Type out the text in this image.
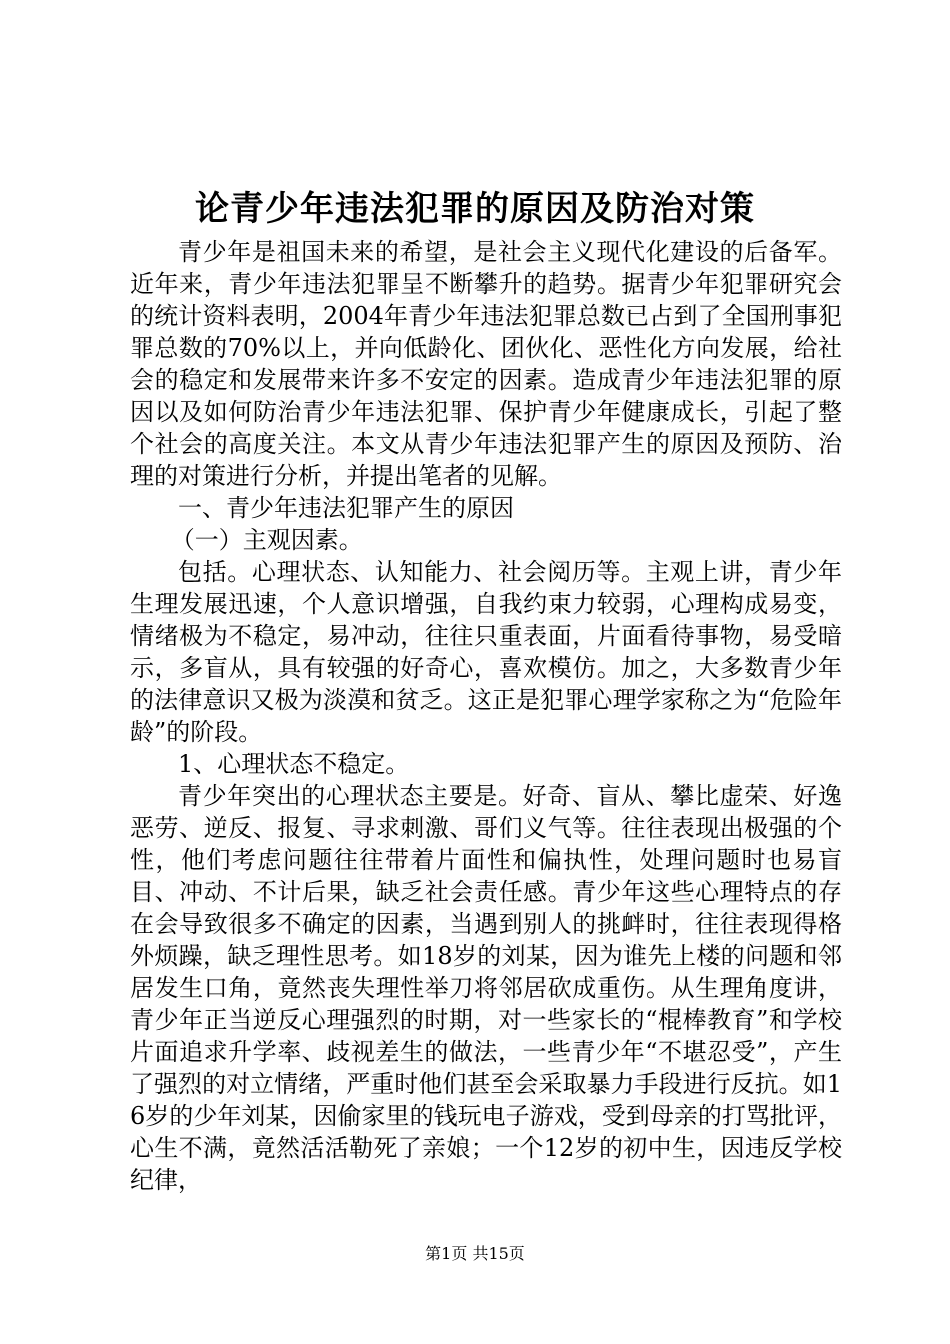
论青少年违法犯罪的原因及防治对策

青少年是祖国未来的希望，是社会主义现代化建设的后备军。近年来，青少年违法犯罪呈不断攀升的趋势。据青少年犯罪研究会的统计资料表明，2004年青少年违法犯罪总数已占到了全国刑事犯罪总数的70%以上，并向低龄化、团伙化、恶性化方向发展，给社会的稳定和发展带来许多不安定的因素。造成青少年违法犯罪的原因以及如何防治青少年违法犯罪、保护青少年健康成长，引起了整个社会的高度关注。本文从青少年违法犯罪产生的原因及预防、治理的对策进行分析，并提出笔者的见解。

一、青少年违法犯罪产生的原因

（一）主观因素。

包括。心理状态、认知能力、社会阅历等。主观上讲，青少年生理发展迅速，个人意识增强，自我约束力较弱，心理构成易变，情绪极为不稳定，易冲动，往往只重表面，片面看待事物，易受暗示，多盲从，具有较强的好奇心，喜欢模仿。加之，大多数青少年的法律意识又极为淡漠和贫乏。这正是犯罪心理学家称之为“危险年龄”的阶段。

1、心理状态不稳定。

青少年突出的心理状态主要是。好奇、盲从、攀比虚荣、好逸恶劳、逆反、报复、寻求刺激、哥们义气等。往往表现出极强的个性，他们考虑问题往往带着片面性和偏执性，处理问题时也易盲目、冲动、不计后果，缺乏社会责任感。青少年这些心理特点的存在会导致很多不确定的因素，当遇到别人的挑衅时，往往表现得格外烦躁，缺乏理性思考。如18岁的刘某，因为谁先上楼的问题和邻居发生口角，竟然丧失理性举刀将邻居砍成重伤。从生理角度讲，青少年正当逆反心理强烈的时期，对一些家长的“棍棒教育”和学校片面追求升学率、歧视差生的做法，一些青少年“不堪忍受”，产生了强烈的对立情绪，严重时他们甚至会采取暴力手段进行反抗。如16岁的少年刘某，因偷家里的钱玩电子游戏，受到母亲的打骂批评，心生不满，竟然活活勒死了亲娘；一个12岁的初中生，因违反学校纪律，

第1页 共15页
